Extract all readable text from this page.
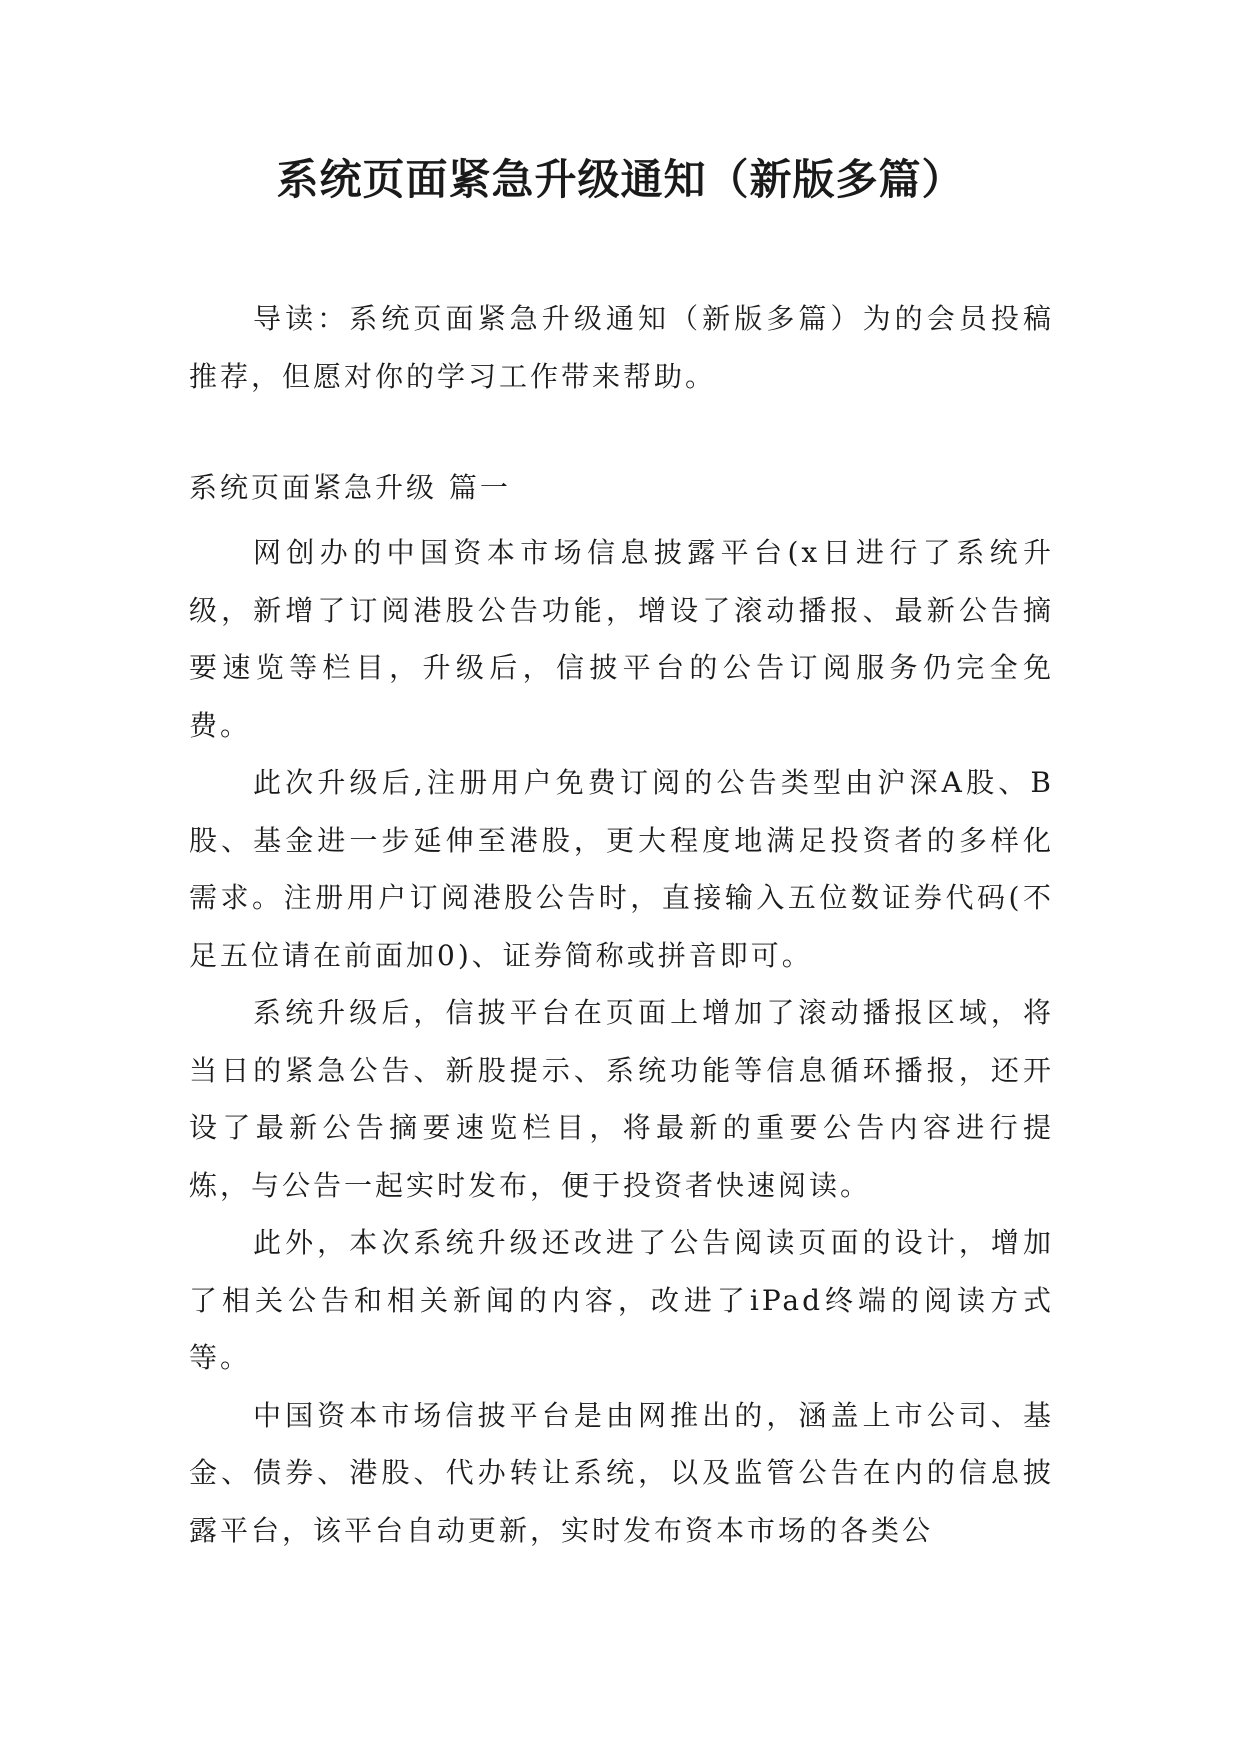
系统页面紧急升级通知（新版多篇）

导读：系统页面紧急升级通知（新版多篇）为的会员投稿推荐，但愿对你的学习工作带来帮助。

系统页面紧急升级 篇一

网创办的中国资本市场信息披露平台(x日进行了系统升级，新增了订阅港股公告功能，增设了滚动播报、最新公告摘要速览等栏目，升级后，信披平台的公告订阅服务仍完全免费。

此次升级后,注册用户免费订阅的公告类型由沪深A股、B股、基金进一步延伸至港股，更大程度地满足投资者的多样化需求。注册用户订阅港股公告时，直接输入五位数证券代码(不足五位请在前面加0)、证券简称或拼音即可。

系统升级后，信披平台在页面上增加了滚动播报区域，将当日的紧急公告、新股提示、系统功能等信息循环播报，还开设了最新公告摘要速览栏目，将最新的重要公告内容进行提炼，与公告一起实时发布，便于投资者快速阅读。

此外，本次系统升级还改进了公告阅读页面的设计，增加了相关公告和相关新闻的内容，改进了iPad终端的阅读方式等。

中国资本市场信披平台是由网推出的，涵盖上市公司、基金、债券、港股、代办转让系统，以及监管公告在内的信息披露平台，该平台自动更新，实时发布资本市场的各类公
